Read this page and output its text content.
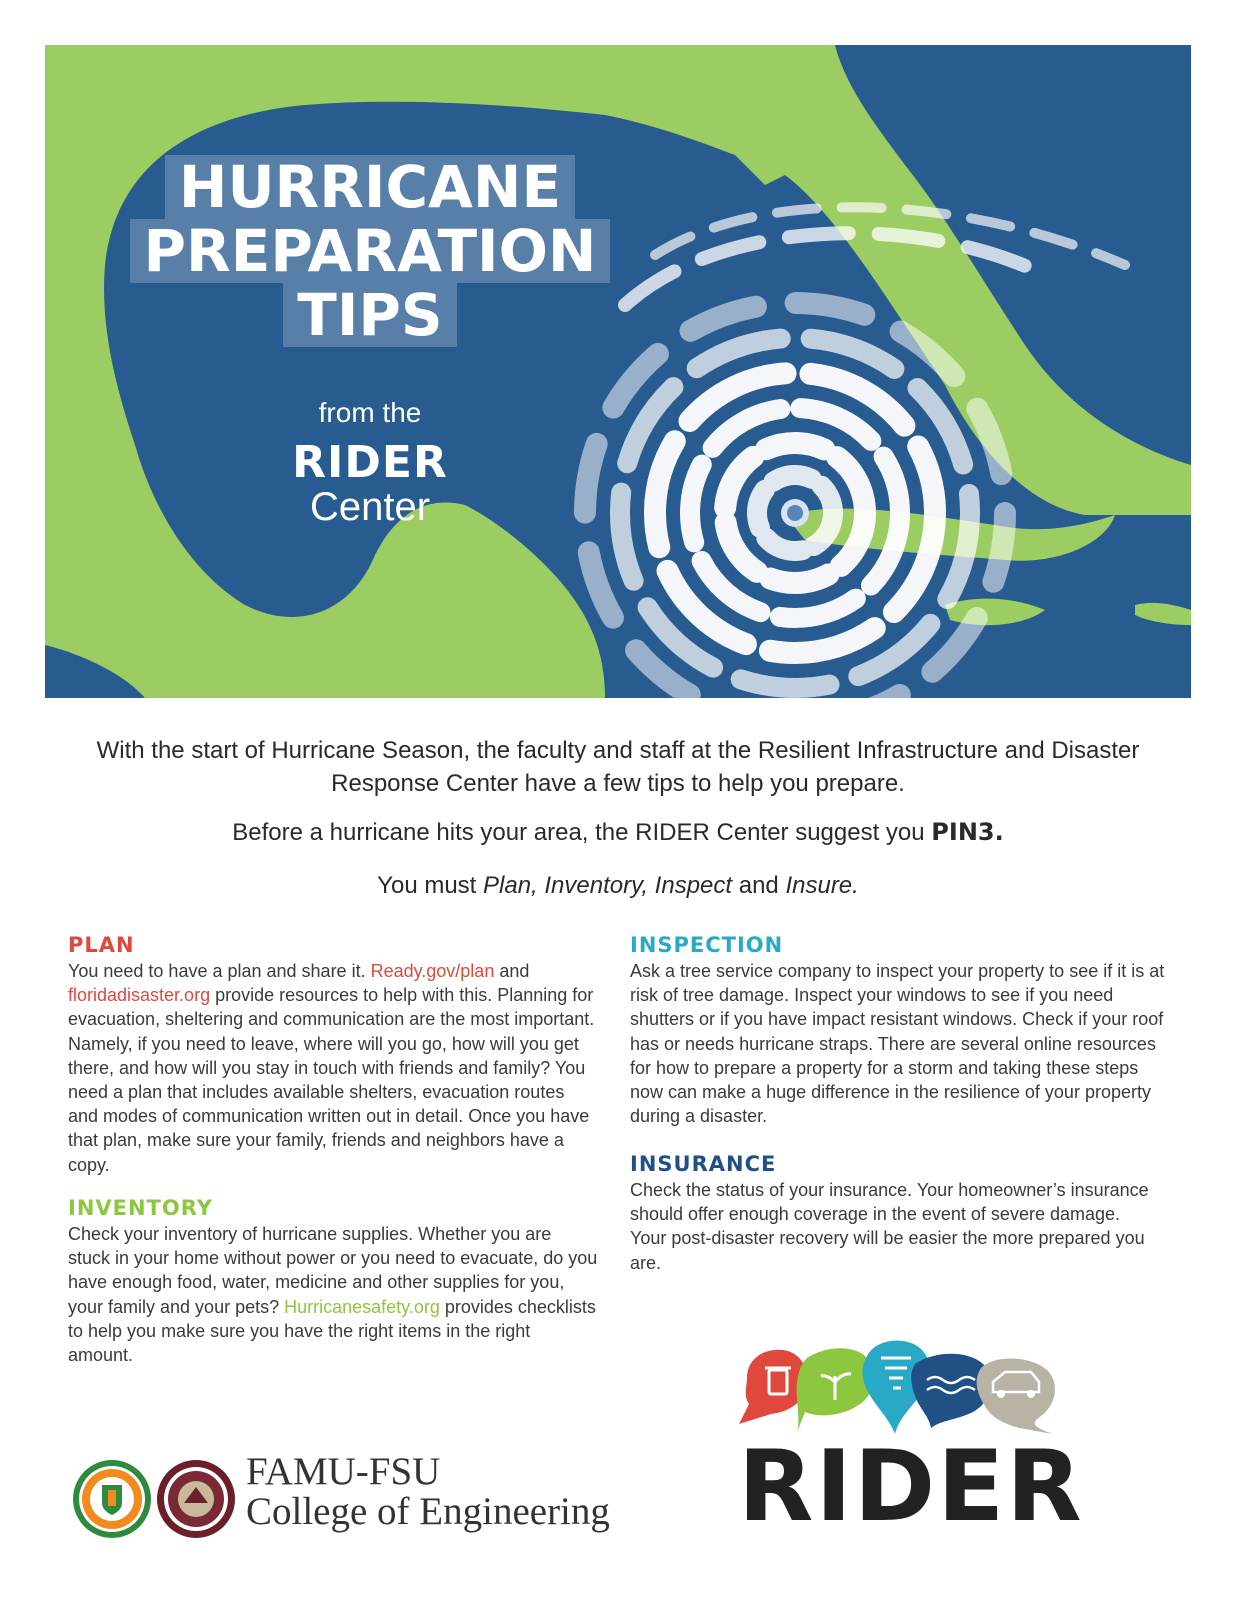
HURRICANE
PREPARATION
TIPS
from the
RIDER
Center
With the start of Hurricane Season, the faculty and staff at the Resilient Infrastructure and Disaster Response Center have a few tips to help you prepare.
Before a hurricane hits your area, the RIDER Center suggest you PIN3.
You must Plan, Inventory, Inspect and Insure.
PLAN

You need to have a plan and share it. Ready.gov/plan and floridadisaster.org provide resources to help with this. Planning for evacuation, sheltering and communication are the most important. Namely, if you need to leave, where will you go, how will you get there, and how will you stay in touch with friends and family? You need a plan that includes available shelters, evacuation routes and modes of communication written out in detail. Once you have that plan, make sure your family, friends and neighbors have a copy.

INVENTORY

Check your inventory of hurricane supplies. Whether you are stuck in your home without power or you need to evacuate, do you have enough food, water, medicine and other supplies for you, your family and your pets? Hurricanesafety.org provides checklists to help you make sure you have the right items in the right amount.

INSPECTION

Ask a tree service company to inspect your property to see if it is at risk of tree damage. Inspect your windows to see if you need shutters or if you have impact resistant windows. Check if your roof has or needs hurricane straps. There are several online resources for how to prepare a property for a storm and taking these steps now can make a huge difference in the resilience of your property during a disaster.

INSURANCE

Check the status of your insurance. Your homeowner’s insurance should offer enough coverage in the event of severe damage. Your post-disaster recovery will be easier the more prepared you are.

FAMU-FSU
College of Engineering RIDER
